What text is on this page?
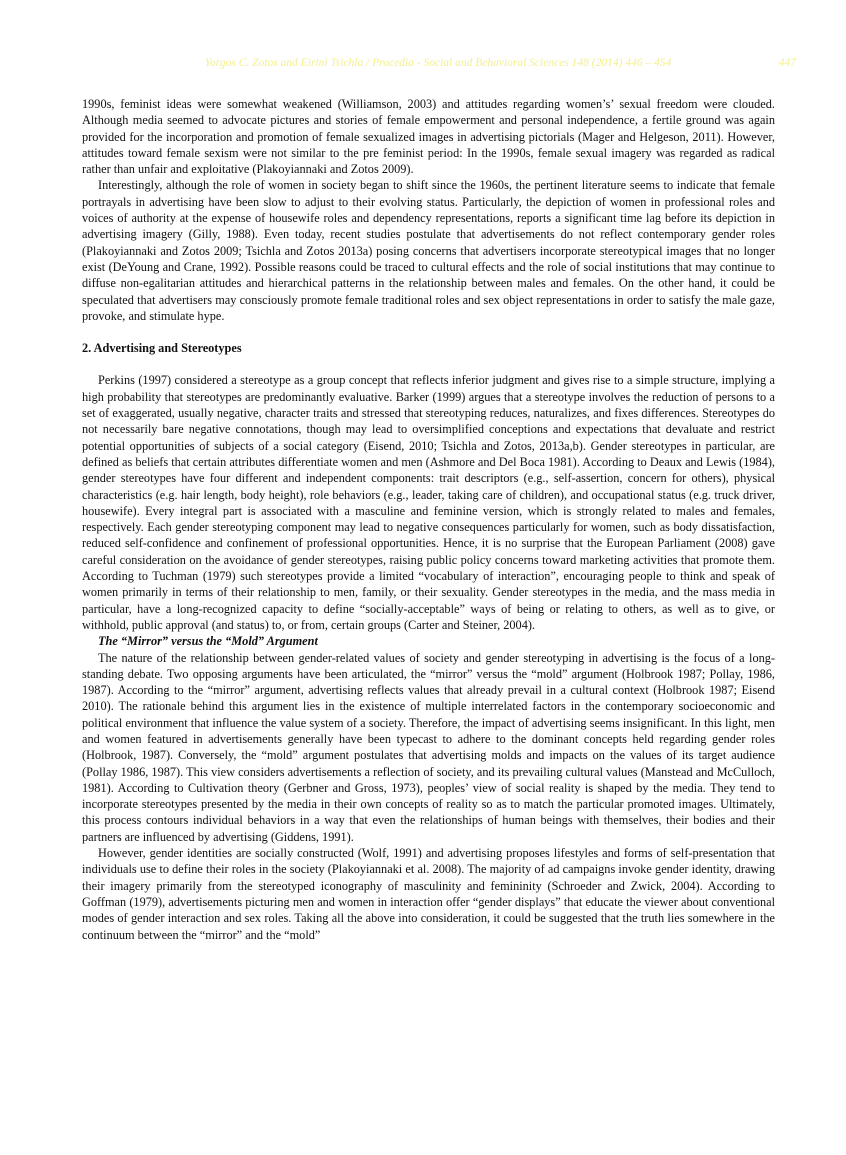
Yorgos C. Zotos and Eirini Tsichla / Procedia - Social and Behavioral Sciences 148 (2014) 446 – 454	447

1990s, feminist ideas were somewhat weakened (Williamson, 2003) and attitudes regarding women’s’ sexual freedom were clouded. Although media seemed to advocate pictures and stories of female empowerment and personal independence, a fertile ground was again provided for the incorporation and promotion of female sexualized images in advertising pictorials (Mager and Helgeson, 2011). However, attitudes toward female sexism were not similar to the pre feminist period: In the 1990s, female sexual imagery was regarded as radical rather than unfair and exploitative (Plakoyiannaki and Zotos 2009).

Interestingly, although the role of women in society began to shift since the 1960s, the pertinent literature seems to indicate that female portrayals in advertising have been slow to adjust to their evolving status. Particularly, the depiction of women in professional roles and voices of authority at the expense of housewife roles and dependency representations, reports a significant time lag before its depiction in advertising imagery (Gilly, 1988). Even today, recent studies postulate that advertisements do not reflect contemporary gender roles (Plakoyiannaki and Zotos 2009; Tsichla and Zotos 2013a) posing concerns that advertisers incorporate stereotypical images that no longer exist (DeYoung and Crane, 1992). Possible reasons could be traced to cultural effects and the role of social institutions that may continue to diffuse non-egalitarian attitudes and hierarchical patterns in the relationship between males and females. On the other hand, it could be speculated that advertisers may consciously promote female traditional roles and sex object representations in order to satisfy the male gaze, provoke, and stimulate hype.

2. Advertising and Stereotypes

Perkins (1997) considered a stereotype as a group concept that reflects inferior judgment and gives rise to a simple structure, implying a high probability that stereotypes are predominantly evaluative. Barker (1999) argues that a stereotype involves the reduction of persons to a set of exaggerated, usually negative, character traits and stressed that stereotyping reduces, naturalizes, and fixes differences. Stereotypes do not necessarily bare negative connotations, though may lead to oversimplified conceptions and expectations that devaluate and restrict potential opportunities of subjects of a social category (Eisend, 2010; Tsichla and Zotos, 2013a,b). Gender stereotypes in particular, are defined as beliefs that certain attributes differentiate women and men (Ashmore and Del Boca 1981). According to Deaux and Lewis (1984), gender stereotypes have four different and independent components: trait descriptors (e.g., self-assertion, concern for others), physical characteristics (e.g. hair length, body height), role behaviors (e.g., leader, taking care of children), and occupational status (e.g. truck driver, housewife). Every integral part is associated with a masculine and feminine version, which is strongly related to males and females, respectively. Each gender stereotyping component may lead to negative consequences particularly for women, such as body dissatisfaction, reduced self-confidence and confinement of professional opportunities. Hence, it is no surprise that the European Parliament (2008) gave careful consideration on the avoidance of gender stereotypes, raising public policy concerns toward marketing activities that promote them. According to Tuchman (1979) such stereotypes provide a limited “vocabulary of interaction”, encouraging people to think and speak of women primarily in terms of their relationship to men, family, or their sexuality. Gender stereotypes in the media, and the mass media in particular, have a long-recognized capacity to define “socially-acceptable” ways of being or relating to others, as well as to give, or withhold, public approval (and status) to, or from, certain groups (Carter and Steiner, 2004).

The “Mirror” versus the “Mold” Argument

The nature of the relationship between gender-related values of society and gender stereotyping in advertising is the focus of a long-standing debate. Two opposing arguments have been articulated, the “mirror” versus the “mold” argument (Holbrook 1987; Pollay, 1986, 1987). According to the “mirror” argument, advertising reflects values that already prevail in a cultural context (Holbrook 1987; Eisend 2010). The rationale behind this argument lies in the existence of multiple interrelated factors in the contemporary socioeconomic and political environment that influence the value system of a society. Therefore, the impact of advertising seems insignificant. In this light, men and women featured in advertisements generally have been typecast to adhere to the dominant concepts held regarding gender roles (Holbrook, 1987). Conversely, the “mold” argument postulates that advertising molds and impacts on the values of its target audience (Pollay 1986, 1987). This view considers advertisements a reflection of society, and its prevailing cultural values (Manstead and McCulloch, 1981). According to Cultivation theory (Gerbner and Gross, 1973), peoples’ view of social reality is shaped by the media. They tend to incorporate stereotypes presented by the media in their own concepts of reality so as to match the particular promoted images. Ultimately, this process contours individual behaviors in a way that even the relationships of human beings with themselves, their bodies and their partners are influenced by advertising (Giddens, 1991).

However, gender identities are socially constructed (Wolf, 1991) and advertising proposes lifestyles and forms of self-presentation that individuals use to define their roles in the society (Plakoyiannaki et al. 2008). The majority of ad campaigns invoke gender identity, drawing their imagery primarily from the stereotyped iconography of masculinity and femininity (Schroeder and Zwick, 2004). According to Goffman (1979), advertisements picturing men and women in interaction offer “gender displays” that educate the viewer about conventional modes of gender interaction and sex roles. Taking all the above into consideration, it could be suggested that the truth lies somewhere in the continuum between the “mirror” and the “mold”
